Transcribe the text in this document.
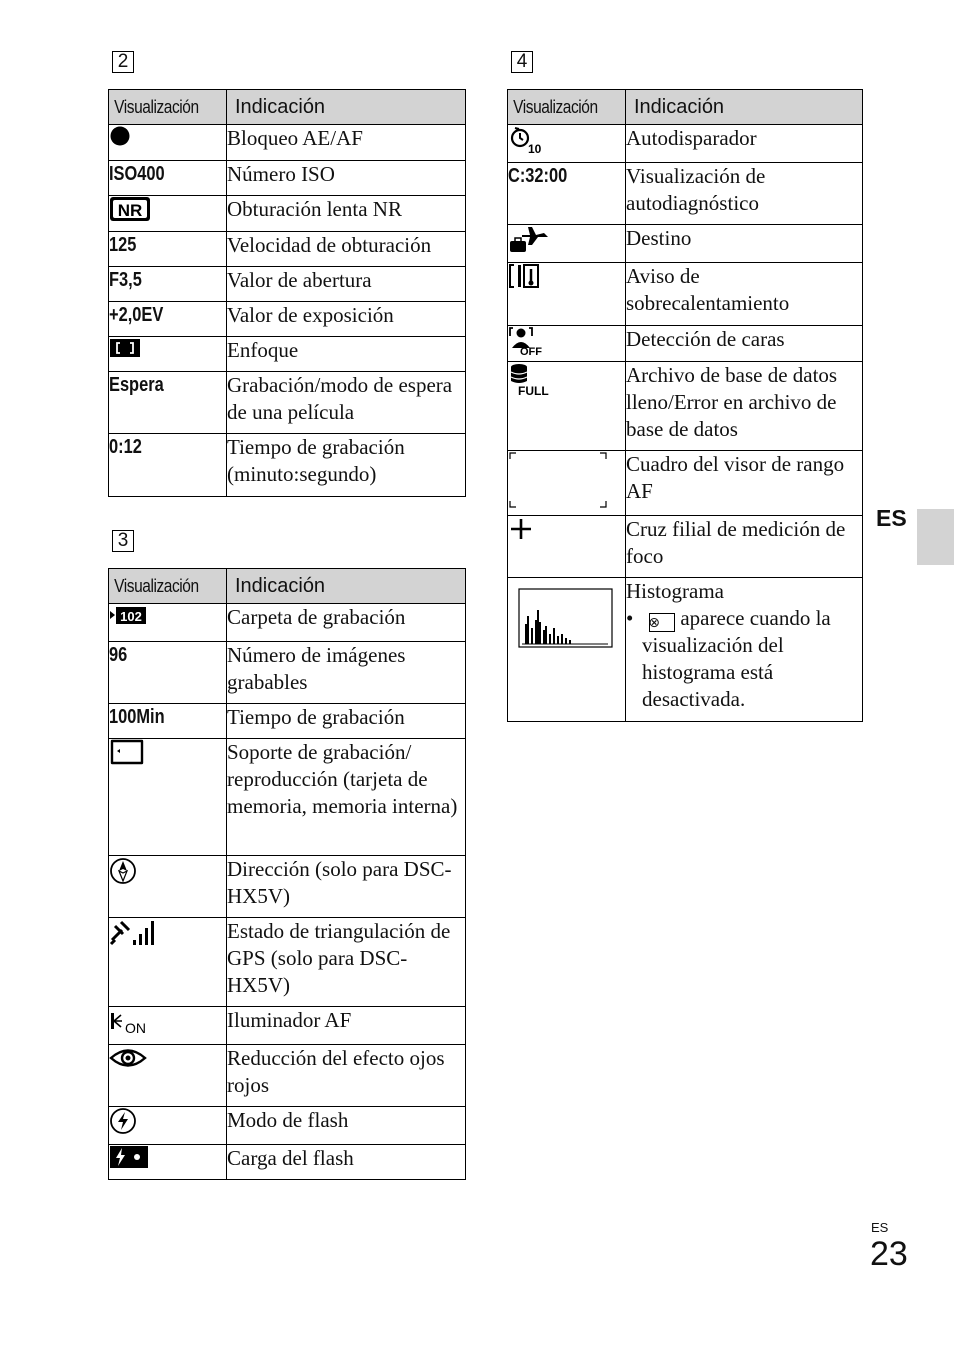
2
Visualización	Indicación
	Bloqueo AE/AF
ISO400	Número ISO

NR	Obturación lenta NR
125	Velocidad de obturación
F3,5	Valor de abertura
+2,0EV	Valor de exposición
	Enfoque
Espera	Grabación/modo de espera de una película
0:12	Tiempo de grabación (minuto:segundo)
3
Visualización	Indicación

102	Carpeta de grabación
96	Número de imágenes grabables
100Min	Tiempo de grabación
	Soporte de grabación/ reproducción (tarjeta de memoria, memoria interna)
	Dirección (solo para DSC-HX5V)
	Estado de triangulación de GPS (solo para DSC-HX5V)

ON	Iluminador AF
	Reducción del efecto ojos rojos
	Modo de flash
	Carga del flash
4
Visualización	Indicación

10	Autodisparador
C:32:00	Visualización de autodiagnóstico
	Destino
	Aviso de sobrecalentamiento

OFF	Detección de caras

FULL	Archivo de base de datos lleno/Error en archivo de base de datos
	Cuadro del visor de rango AF
	Cruz filial de medición de foco
	Histograma
• ⊗ aparece cuando la visualización del histograma está desactivada.
ES
ES
23
